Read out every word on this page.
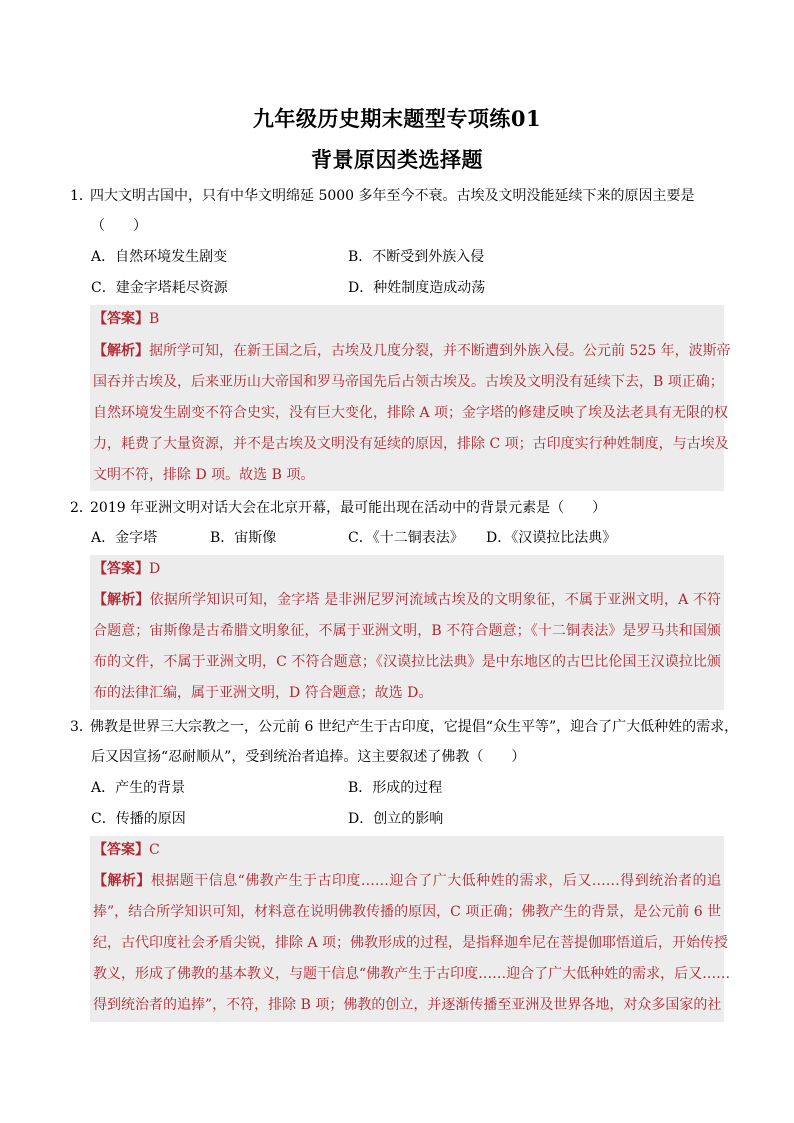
九年级历史期末题型专项练01
背景原因类选择题
1．四大文明古国中，只有中华文明绵延 5000 多年至今不衰。古埃及文明没能延续下来的原因主要是
（　　）
A．自然环境发生剧变	B．不断受到外族入侵
C．建金字塔耗尽资源	D．种姓制度造成动荡
【答案】B
【解析】据所学可知，在新王国之后，古埃及几度分裂，并不断遭到外族入侵。公元前 525 年，波斯帝
国吞并古埃及，后来亚历山大帝国和罗马帝国先后占领古埃及。古埃及文明没有延续下去，B 项正确；
自然环境发生剧变不符合史实，没有巨大变化，排除 A 项；金字塔的修建反映了埃及法老具有无限的权
力，耗费了大量资源，并不是古埃及文明没有延续的原因，排除 C 项；古印度实行种姓制度，与古埃及
文明不符，排除 D 项。故选 B 项。
2．2019 年亚洲文明对话大会在北京开幕，最可能出现在活动中的背景元素是（　　）
A．金字塔	B．宙斯像	C．《十二铜表法》 D．《汉谟拉比法典》
【答案】D
【解析】依据所学知识可知，金字塔 是非洲尼罗河流域古埃及的文明象征，不属于亚洲文明，A 不符
合题意；宙斯像是古希腊文明象征，不属于亚洲文明，B 不符合题意；《十二铜表法》是罗马共和国颁
布的文件，不属于亚洲文明，C 不符合题意；《汉谟拉比法典》是中东地区的古巴比伦国王汉谟拉比颁
布的法律汇编，属于亚洲文明，D 符合题意；故选 D。
3．佛教是世界三大宗教之一，公元前 6 世纪产生于古印度，它提倡“众生平等”，迎合了广大低种姓的需求，
后又因宣扬“忍耐顺从”，受到统治者追捧。这主要叙述了佛教（　　）
A．产生的背景	B．形成的过程
C．传播的原因	D．创立的影响
【答案】C
【解析】根据题干信息“佛教产生于古印度……迎合了广大低种姓的需求，后又……得到统治者的追
捧”，结合所学知识可知，材料意在说明佛教传播的原因，C 项正确；佛教产生的背景，是公元前 6 世
纪，古代印度社会矛盾尖锐，排除 A 项；佛教形成的过程，是指释迦牟尼在菩提伽耶悟道后，开始传授
教义，形成了佛教的基本教义，与题干信息“佛教产生于古印度……迎合了广大低种姓的需求，后又……
得到统治者的追捧”，不符，排除 B 项；佛教的创立，并逐渐传播至亚洲及世界各地，对众多国家的社
